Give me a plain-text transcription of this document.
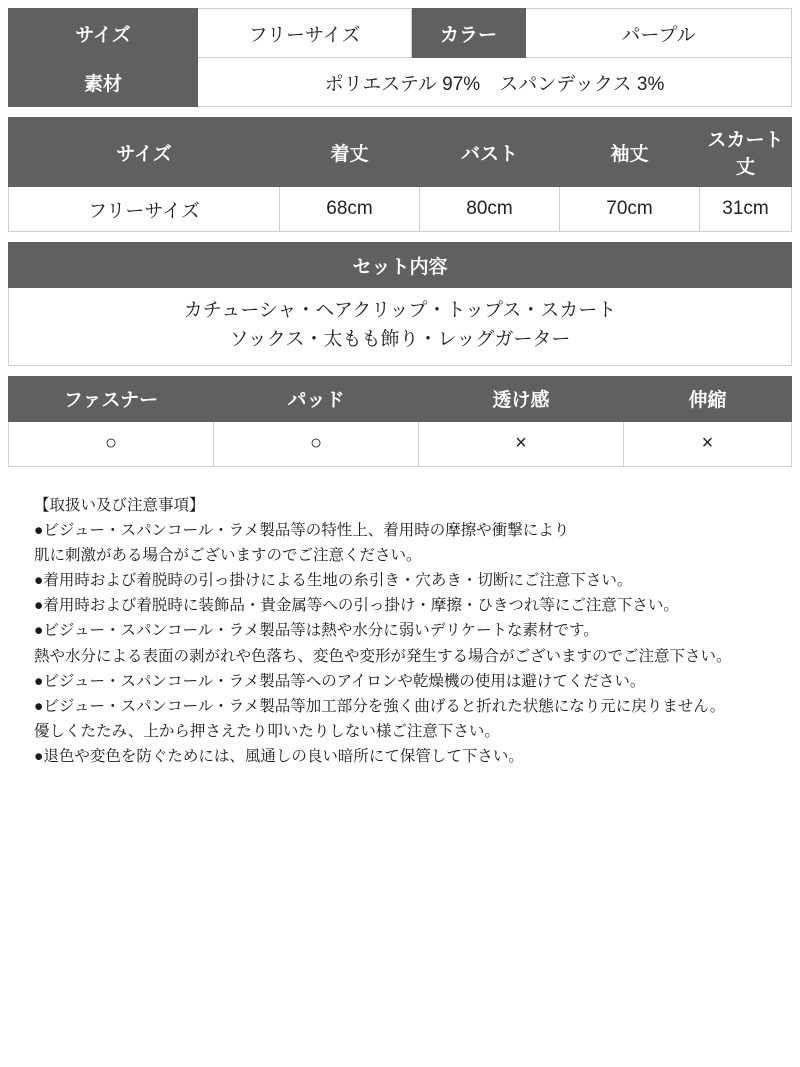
サイズ	フリーサイズ	カラー	パープル
素材	ポリエステル 97%　スパンデックス 3%		
サイズ	着丈	バスト	袖丈	スカート丈
フリーサイズ	68cm	80cm	70cm	31cm
セット内容

カチューシャ・ヘアクリップ・トップス・スカート
ソックス・太もも飾り・レッグガーター
ファスナー	パッド	透け感	伸縮
○	○	×	×
【取扱い及び注意事項】
●ビジュー・スパンコール・ラメ製品等の特性上、着用時の摩擦や衝撃により
肌に刺激がある場合がございますのでご注意ください。
●着用時および着脱時の引っ掛けによる生地の糸引き・穴あき・切断にご注意下さい。
●着用時および着脱時に装飾品・貴金属等への引っ掛け・摩擦・ひきつれ等にご注意下さい。
●ビジュー・スパンコール・ラメ製品等は熱や水分に弱いデリケートな素材です。
熱や水分による表面の剥がれや色落ち、変色や変形が発生する場合がございますのでご注意下さい。
●ビジュー・スパンコール・ラメ製品等へのアイロンや乾燥機の使用は避けてください。
●ビジュー・スパンコール・ラメ製品等加工部分を強く曲げると折れた状態になり元に戻りません。
優しくたたみ、上から押さえたり叩いたりしない様ご注意下さい。
●退色や変色を防ぐためには、風通しの良い暗所にて保管して下さい。
